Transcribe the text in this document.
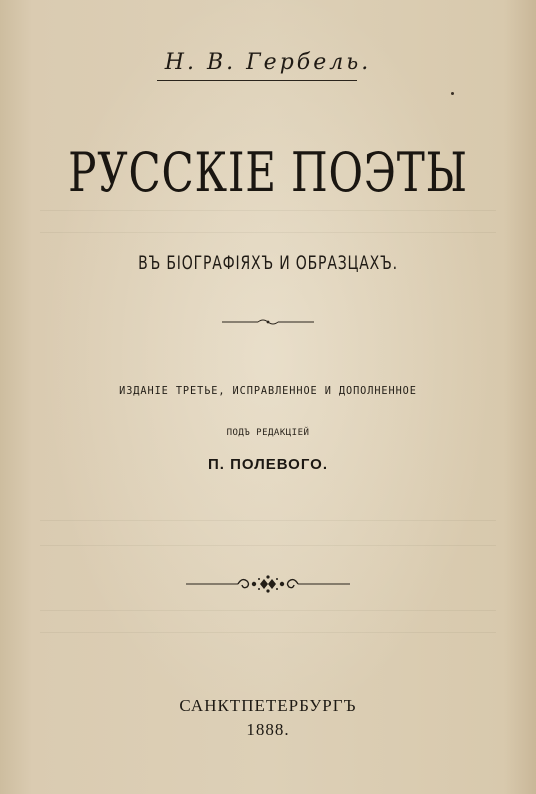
Н. В. Гербель.
РУССКІЕ ПОЭТЫ
ВЪ БІОГРАФІЯХЪ И ОБРАЗЦАХЪ.
ИЗДАНІЕ ТРЕТЬЕ, ИСПРАВЛЕННОЕ И ДОПОЛНЕННОЕ
ПОДЪ РЕДАКЦІЕЙ
П. ПОЛЕВОГО.
САНКТПЕТЕРБУРГЪ
1888.
